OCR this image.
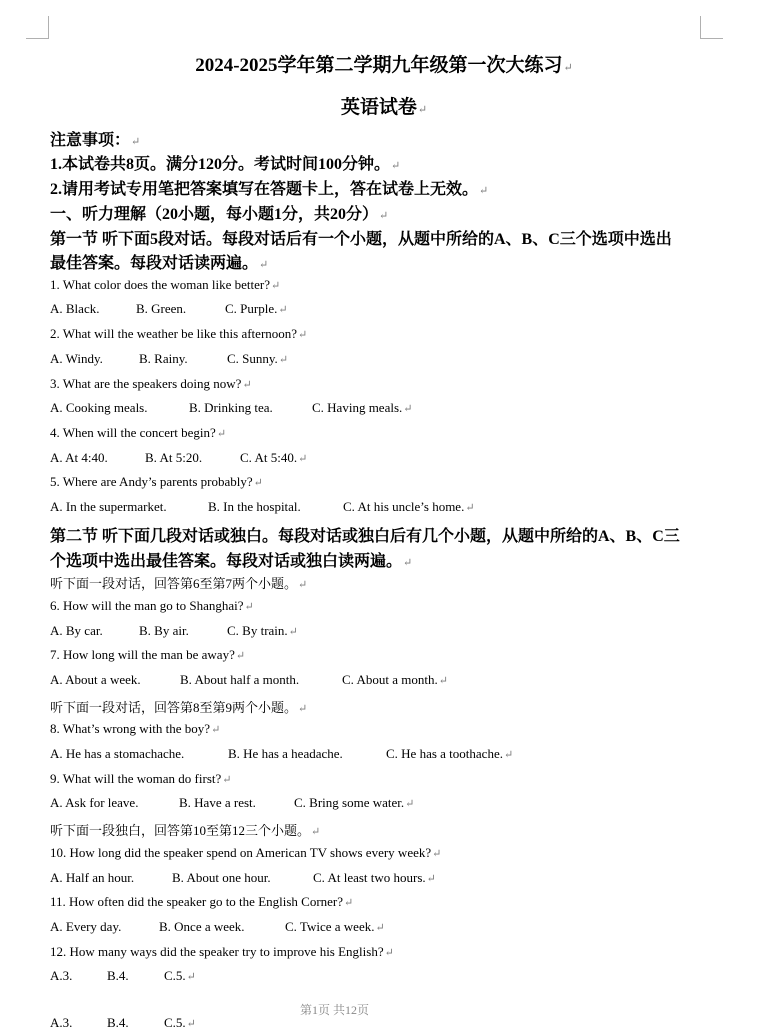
2024-2025学年第二学期九年级第一次大练习↵
英语试卷↵
注意事项：↵
1.本试卷共8页。满分120分。考试时间100分钟。↵
2.请用考试专用笔把答案填写在答题卡上，答在试卷上无效。↵
一、听力理解（20小题，每小题1分，共20分）↵
第一节 听下面5段对话。每段对话后有一个小题，从题中所给的A、B、C三个选项中选出
最佳答案。每段对话读两遍。↵
1. What color does the woman like better?↵
A. Black.	B. Green.	C. Purple.↵
2. What will the weather be like this afternoon?↵
A. Windy.	B. Rainy.	C. Sunny.↵
3. What are the speakers doing now?↵
A. Cooking meals.	B. Drinking tea.	C. Having meals.↵
4. When will the concert begin?↵
A. At 4:40.	B. At 5:20.	C. At 5:40.↵
5. Where are Andy’s parents probably?↵
A. In the supermarket.	B. In the hospital.	C. At his uncle’s home.↵
第二节 听下面几段对话或独白。每段对话或独白后有几个小题，从题中所给的A、B、C三
个选项中选出最佳答案。每段对话或独白读两遍。↵
听下面一段对话，回答第6至第7两个小题。↵
6. How will the man go to Shanghai?↵
A. By car.	B. By air.	C. By train.↵
7. How long will the man be away?↵
A. About a week.	B. About half a month.	C. About a month.↵
听下面一段对话，回答第8至第9两个小题。↵
8. What’s wrong with the boy?↵
A. He has a stomachache.	B. He has a headache.	C. He has a toothache.↵
9. What will the woman do first?↵
A. Ask for leave.	B. Have a rest.	C. Bring some water.↵
听下面一段独白，回答第10至第12三个小题。↵
10. How long did the speaker spend on American TV shows every week?↵
A. Half an hour.	B. About one hour.	C. At least two hours.↵
11. How often did the speaker go to the English Corner?↵
A. Every day.	B. Once a week.	C. Twice a week.↵
12. How many ways did the speaker try to improve his English?↵
A.3.	B.4.	C.5.↵
第1页 共12页
A.3.	B.4.	C.5.↵
